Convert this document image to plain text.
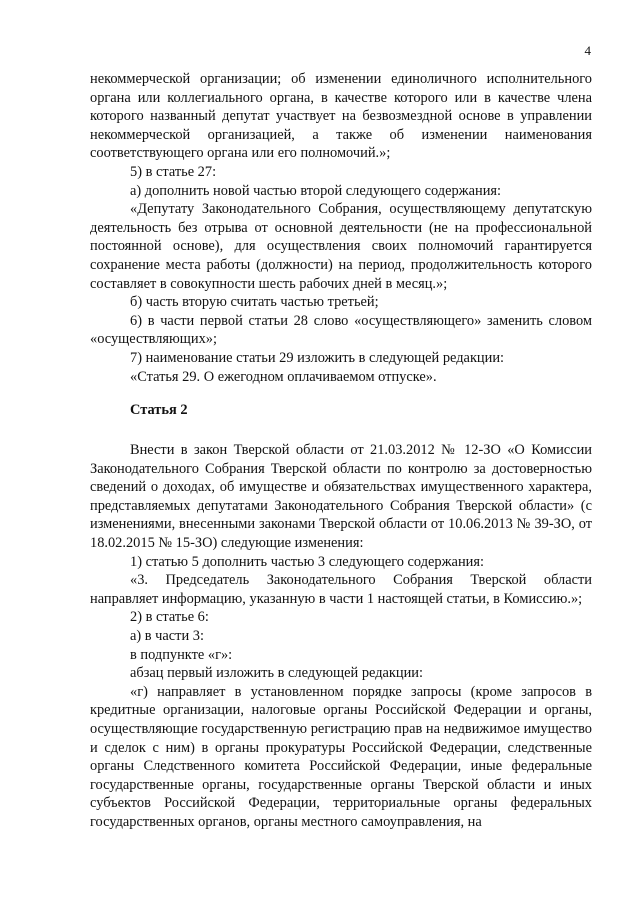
4

некоммерческой организации; об изменении единоличного исполнительного органа или коллегиального органа, в качестве которого или в качестве члена которого названный депутат участвует на безвозмездной основе в управлении некоммерческой организацией, а также об изменении наименования соответствующего органа или его полномочий.»;

5) в статье 27:

а) дополнить новой частью второй следующего содержания:

«Депутату Законодательного Собрания, осуществляющему депутатскую деятельность без отрыва от основной деятельности (не на профессиональной постоянной основе), для осуществления своих полномочий гарантируется сохранение места работы (должности) на период, продолжительность которого составляет в совокупности шесть рабочих дней в месяц.»;

б) часть вторую считать частью третьей;

6) в части первой статьи 28 слово «осуществляющего» заменить словом «осуществляющих»;

7) наименование статьи 29 изложить в следующей редакции:

«Статья 29. О ежегодном оплачиваемом отпуске».

Статья 2

Внести в закон Тверской области от 21.03.2012 № 12-ЗО «О Комиссии Законодательного Собрания Тверской области по контролю за достоверностью сведений о доходах, об имуществе и обязательствах имущественного характера, представляемых депутатами Законодательного Собрания Тверской области» (с изменениями, внесенными законами Тверской области от 10.06.2013 № 39-ЗО, от 18.02.2015 № 15-ЗО) следующие изменения:

1) статью 5 дополнить частью 3 следующего содержания:

«3. Председатель Законодательного Собрания Тверской области направляет информацию, указанную в части 1 настоящей статьи, в Комиссию.»;

2) в статье 6:

а) в части 3:

в подпункте «г»:

абзац первый изложить в следующей редакции:

«г) направляет в установленном порядке запросы (кроме запросов в кредитные организации, налоговые органы Российской Федерации и органы, осуществляющие государственную регистрацию прав на недвижимое имущество и сделок с ним) в органы прокуратуры Российской Федерации, следственные органы Следственного комитета Российской Федерации, иные федеральные государственные органы, государственные органы Тверской области и иных субъектов Российской Федерации, территориальные органы федеральных государственных органов, органы местного самоуправления, на
